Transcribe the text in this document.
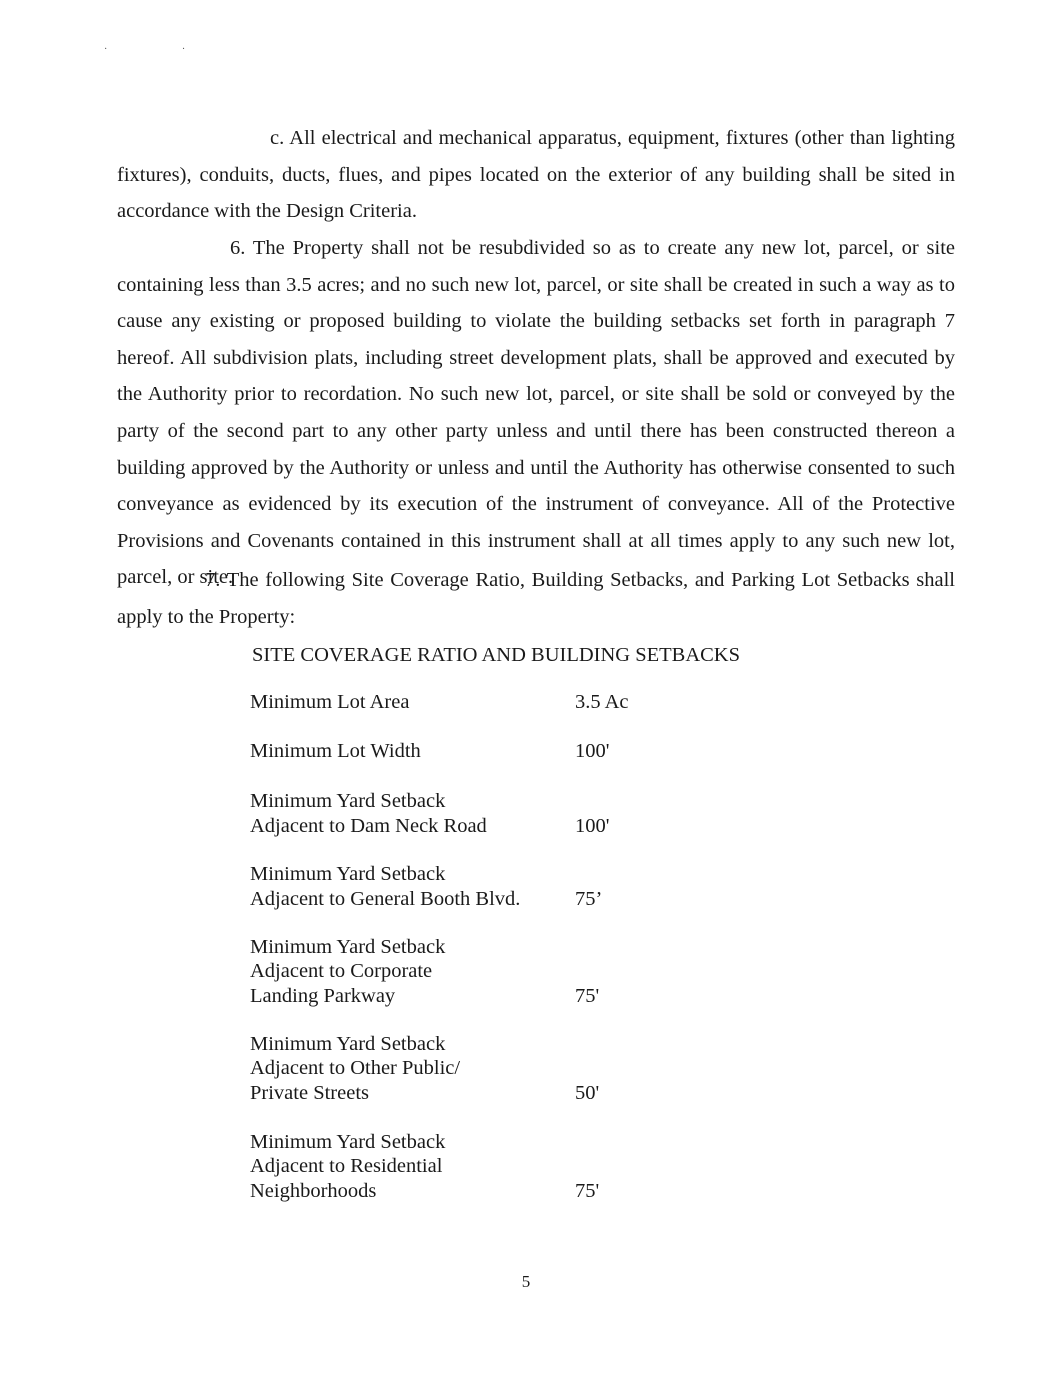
· ·

c. All electrical and mechanical apparatus, equipment, fixtures (other than lighting fixtures), conduits, ducts, flues, and pipes located on the exterior of any building shall be sited in accordance with the Design Criteria.

6. The Property shall not be resubdivided so as to create any new lot, parcel, or site containing less than 3.5 acres; and no such new lot, parcel, or site shall be created in such a way as to cause any existing or proposed building to violate the building setbacks set forth in paragraph 7 hereof. All subdivision plats, including street development plats, shall be approved and executed by the Authority prior to recordation. No such new lot, parcel, or site shall be sold or conveyed by the party of the second part to any other party unless and until there has been constructed thereon a building approved by the Authority or unless and until the Authority has otherwise consented to such conveyance as evidenced by its execution of the instrument of conveyance. All of the Protective Provisions and Covenants contained in this instrument shall at all times apply to any such new lot, parcel, or site.

7. The following Site Coverage Ratio, Building Setbacks, and Parking Lot Setbacks shall apply to the Property:

SITE COVERAGE RATIO AND BUILDING SETBACKS

Minimum Lot Area	3.5 Ac
Minimum Lot Width	100'
Minimum Yard Setback
Adjacent to Dam Neck Road	100'
Minimum Yard Setback
Adjacent to General Booth Blvd.	75’
Minimum Yard Setback
Adjacent to Corporate
Landing Parkway	75'
Minimum Yard Setback
Adjacent to Other Public/
Private Streets	50'
Minimum Yard Setback
Adjacent to Residential
Neighborhoods	75'
5
